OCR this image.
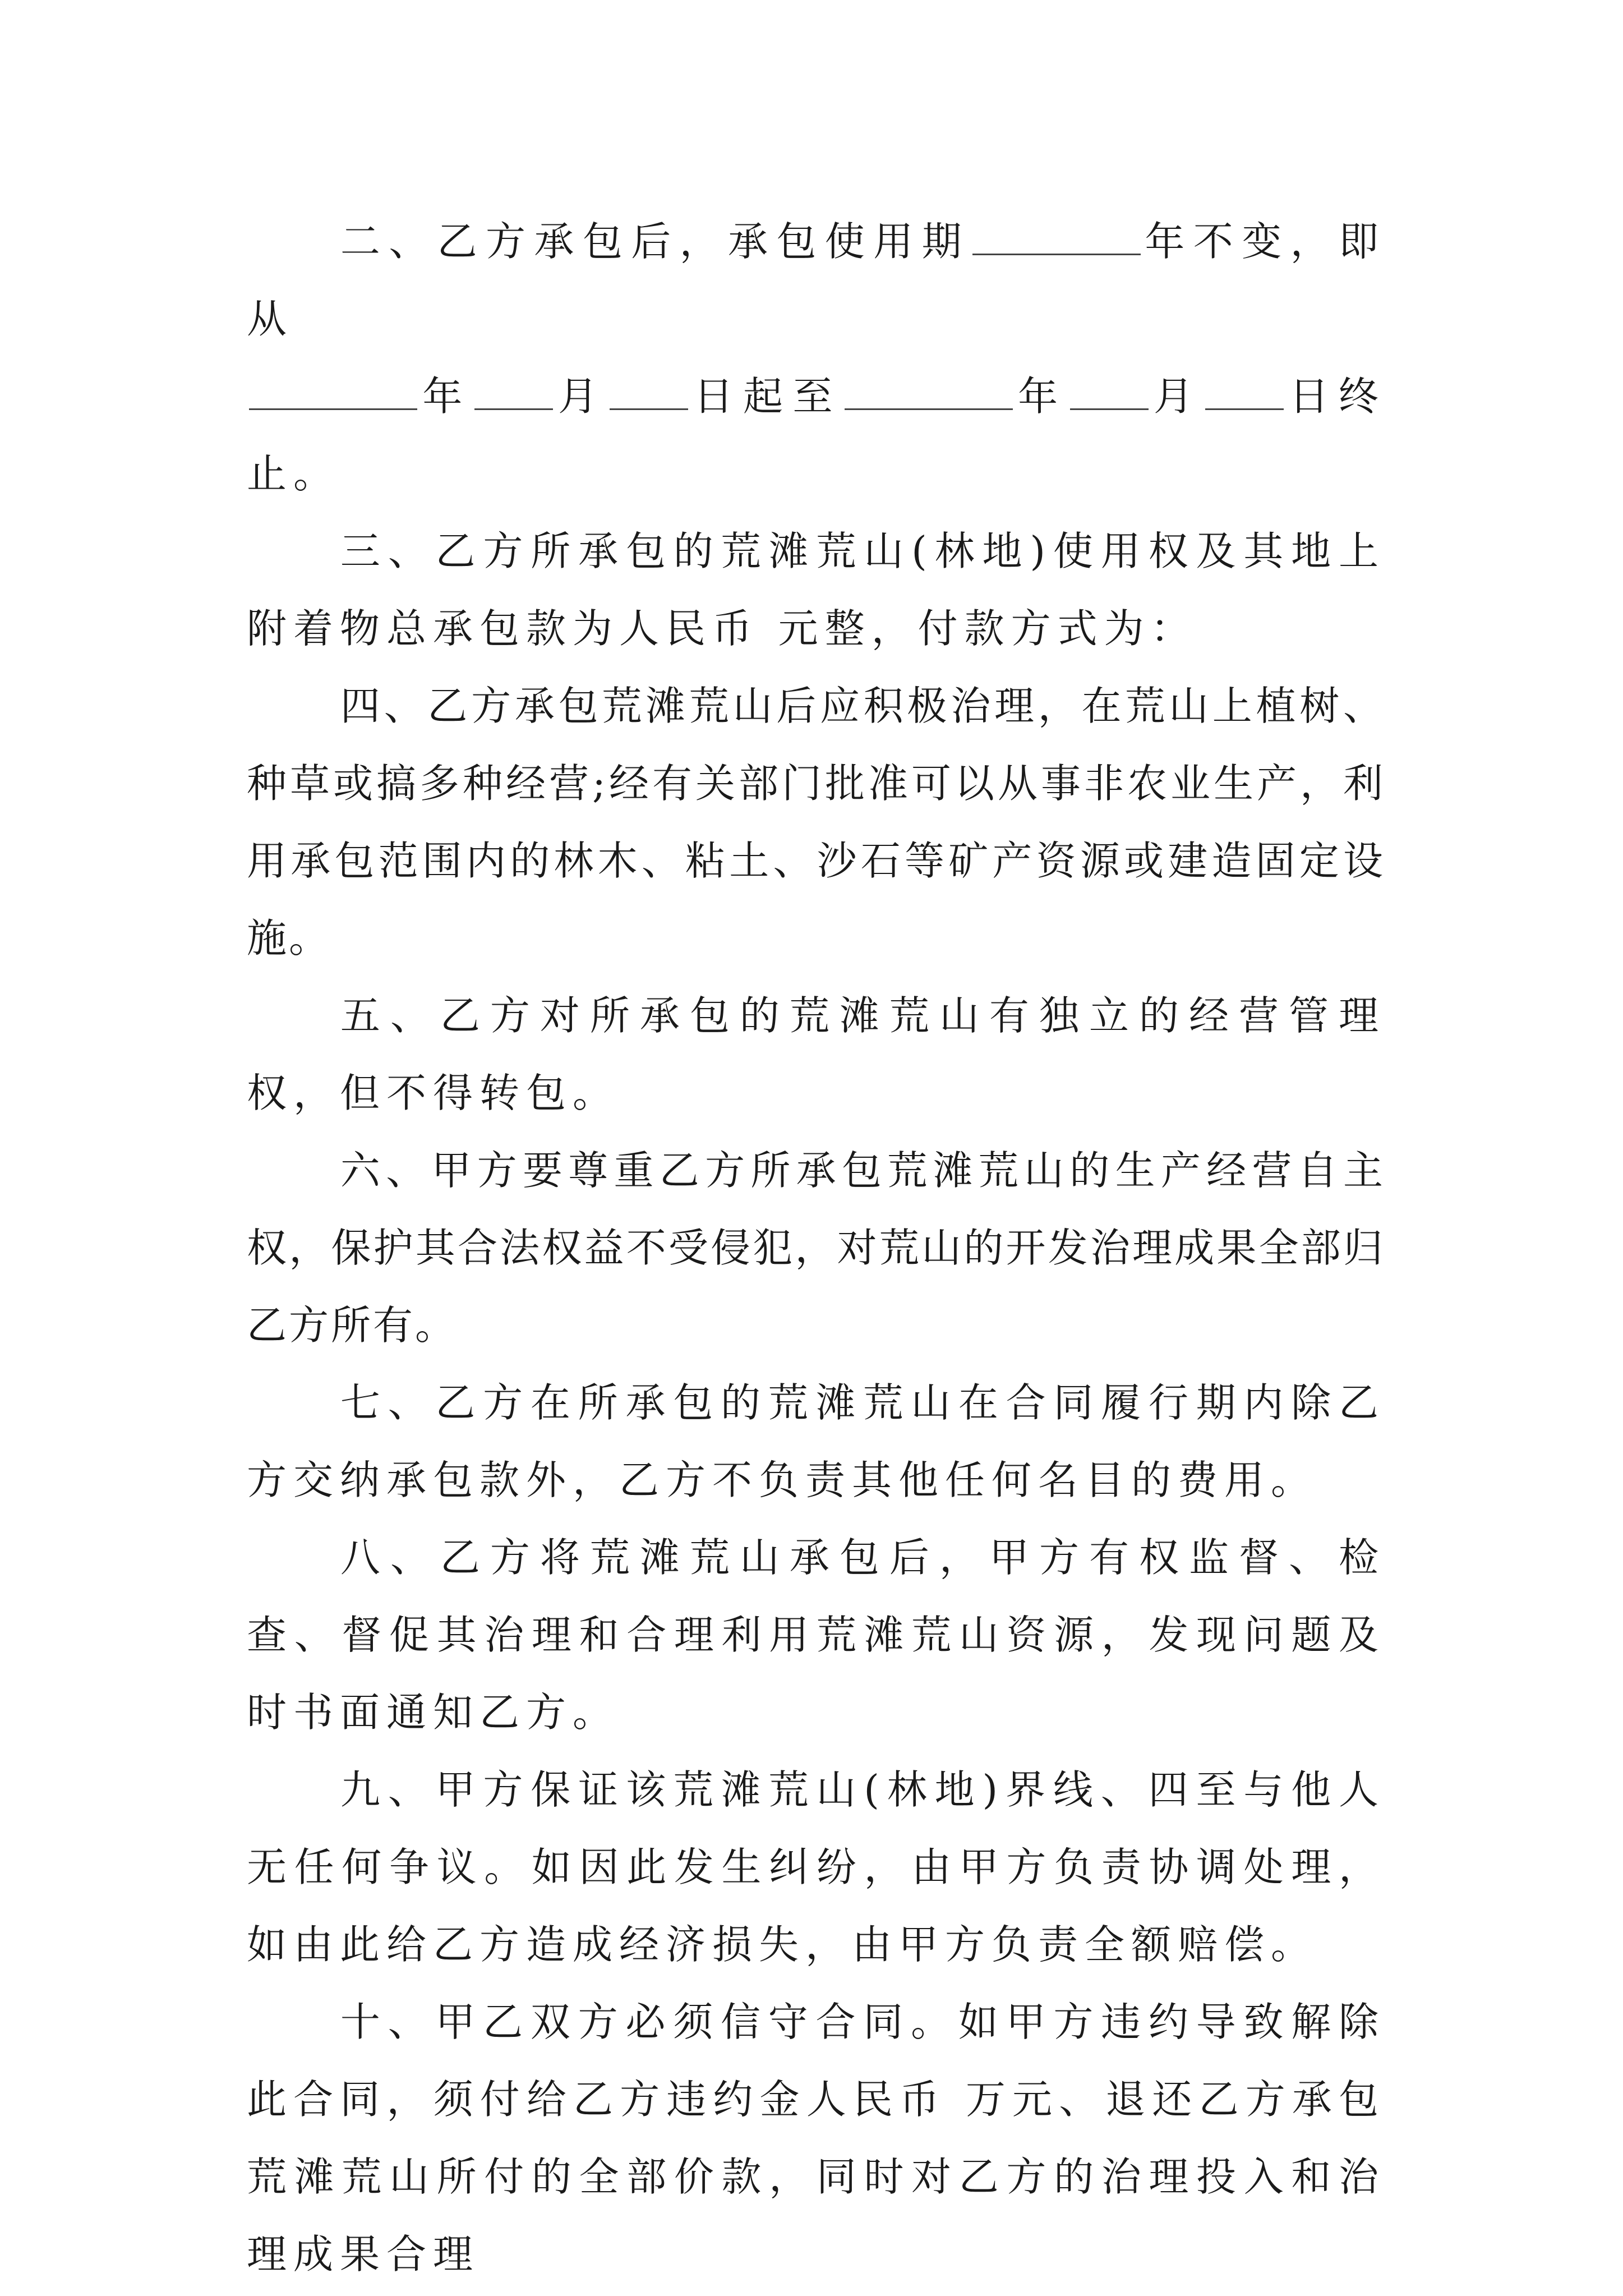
二、乙方承包后，承包使用期	年不变，即从
年 月 日起至	年 月 日终止。

三、乙方所承包的荒滩荒山(林地)使用权及其地上附着物总承包款为人民币 元整，付款方式为：

四、乙方承包荒滩荒山后应积极治理，在荒山上植树、种草或搞多种经营;经有关部门批准可以从事非农业生产，利用承包范围内的林木、粘土、沙石等矿产资源或建造固定设施。

五、乙方对所承包的荒滩荒山有独立的经营管理权，但不得转包。

六、甲方要尊重乙方所承包荒滩荒山的生产经营自主权，保护其合法权益不受侵犯，对荒山的开发治理成果全部归乙方所有。

七、乙方在所承包的荒滩荒山在合同履行期内除乙方交纳承包款外，乙方不负责其他任何名目的费用。

八、乙方将荒滩荒山承包后，甲方有权监督、检查、督促其治理和合理利用荒滩荒山资源，发现问题及时书面通知乙方。

九、甲方保证该荒滩荒山(林地)界线、四至与他人无任何争议。如因此发生纠纷，由甲方负责协调处理，如由此给乙方造成经济损失，由甲方负责全额赔偿。

十、甲乙双方必须信守合同。如甲方违约导致解除此合同，须付给乙方违约金人民币 万元、退还乙方承包荒滩荒山所付的全部价款，同时对乙方的治理投入和治理成果合理
